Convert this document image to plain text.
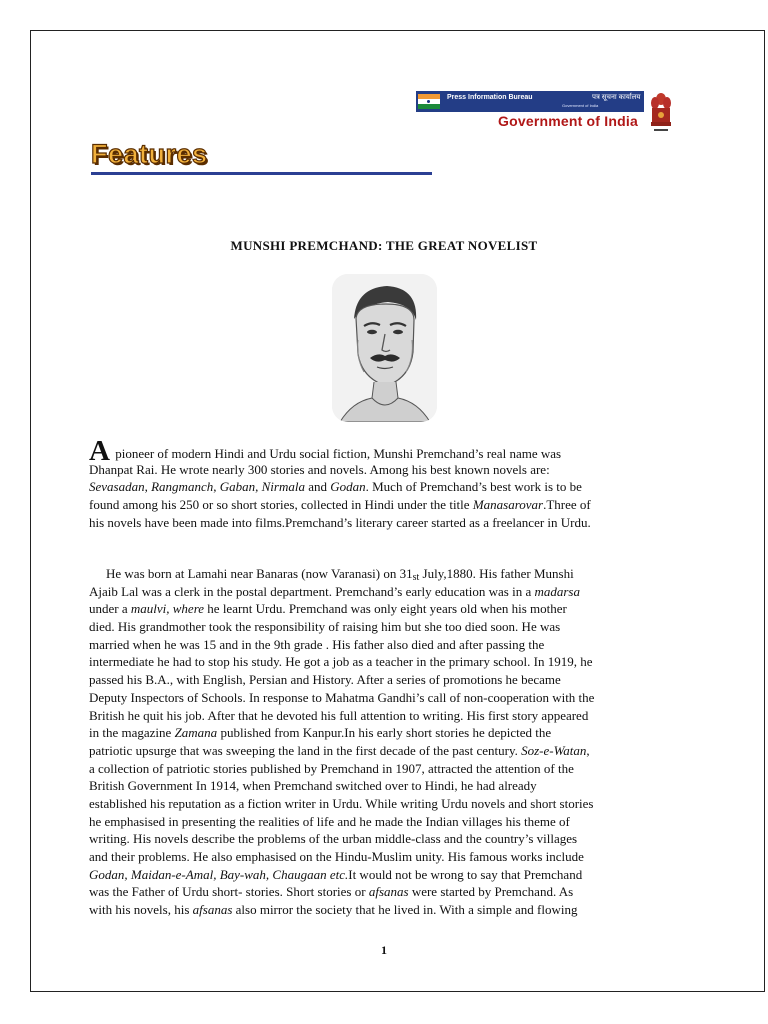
Press Information Bureau
Government of India
पत्र सूचना कार्यालय
Government of India
Features
MUNSHI PREMCHAND: THE GREAT NOVELIST
A pioneer of modern Hindi and Urdu social fiction, Munshi Premchand’s real name was
Dhanpat Rai. He wrote nearly 300 stories and novels. Among his best known novels are:
Sevasadan, Rangmanch, Gaban, Nirmala and Godan. Much of Premchand’s best work is to be
found among his 250 or so short stories, collected in Hindi under the title Manasarovar.Three of
his novels have been made into films.Premchand’s literary career started as a freelancer in Urdu.
He was born at Lamahi near Banaras (now Varanasi) on $31_{st}$ July,1880. His father Munshi
Ajaib Lal was a clerk in the postal department. Premchand’s early education was in a madarsa
under a maulvi, where he learnt Urdu. Premchand was only eight years old when his mother
died. His grandmother took the responsibility of raising him but she too died soon. He was
married when he was 15 and in the 9th grade . His father also died and after passing the
intermediate he had to stop his study. He got a job as a teacher in the primary school. In 1919, he
passed his B.A., with English, Persian and History. After a series of promotions he became
Deputy Inspectors of Schools. In response to Mahatma Gandhi’s call of non-cooperation with the
British he quit his job. After that he devoted his full attention to writing. His first story appeared
in the magazine Zamana published from Kanpur.In his early short stories he depicted the
patriotic upsurge that was sweeping the land in the first decade of the past century. Soz-e-Watan,
a collection of patriotic stories published by Premchand in 1907, attracted the attention of the
British Government In 1914, when Premchand switched over to Hindi, he had already
established his reputation as a fiction writer in Urdu. While writing Urdu novels and short stories
he emphasised in presenting the realities of life and he made the Indian villages his theme of
writing. His novels describe the problems of the urban middle-class and the country’s villages
and their problems. He also emphasised on the Hindu-Muslim unity. His famous works include
Godan, Maidan-e-Amal, Bay-wah, Chaugaan etc.It would not be wrong to say that Premchand
was the Father of Urdu short- stories. Short stories or afsanas were started by Premchand. As
with his novels, his afsanas also mirror the society that he lived in. With a simple and flowing
1
